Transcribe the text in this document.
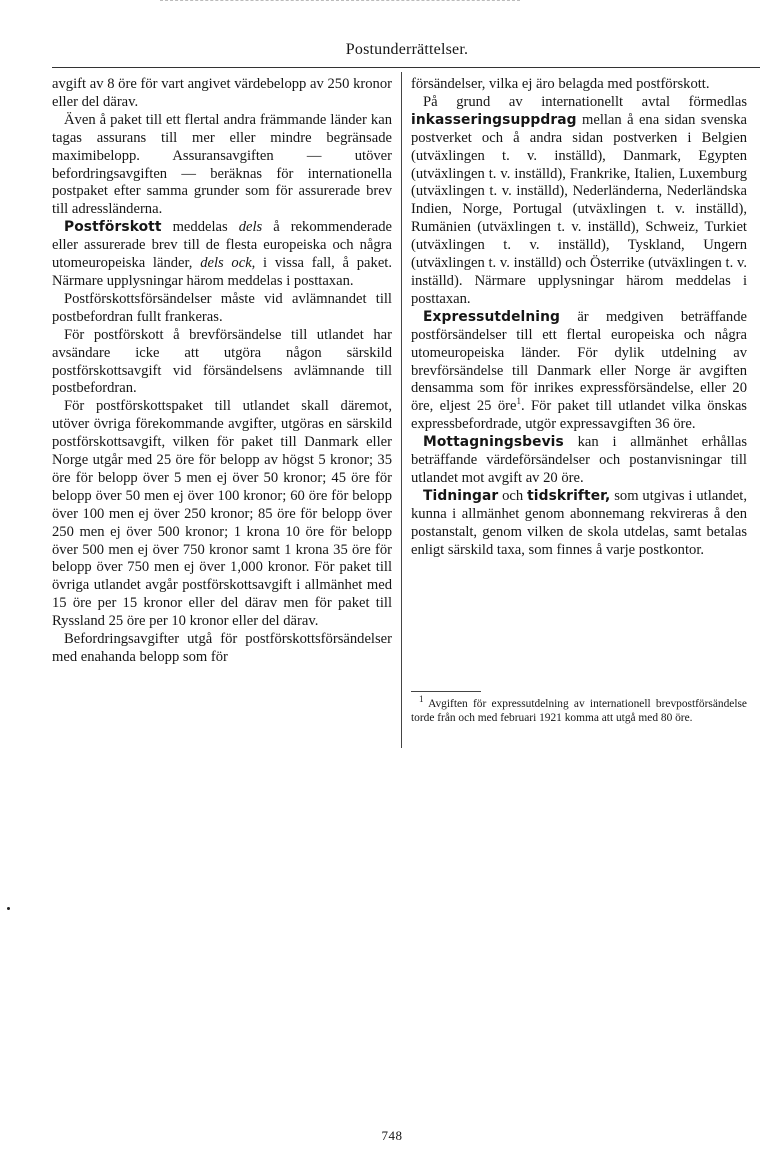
Postunderrättelser.

avgift av 8 öre för vart angivet värdebelopp av 250 kronor eller del därav.

Även å paket till ett flertal andra främmande länder kan tagas assurans till mer eller mindre begränsade maximibelopp. Assuransavgiften — utöver befordringsavgiften — beräknas för internationella postpaket efter samma grunder som för assurerade brev till adressländerna.

Postförskott meddelas dels å rekommenderade eller assurerade brev till de flesta europeiska och några utomeuropeiska länder, dels ock, i vissa fall, å paket. Närmare upplysningar härom meddelas i posttaxan.

Postförskottsförsändelser måste vid avlämnandet till postbefordran fullt frankeras.

För postförskott å brevförsändelse till utlandet har avsändare icke att utgöra någon särskild postförskottsavgift vid försändelsens avlämnande till postbefordran.

För postförskottspaket till utlandet skall däremot, utöver övriga förekommande avgifter, utgöras en särskild postförskottsavgift, vilken för paket till Danmark eller Norge utgår med 25 öre för belopp av högst 5 kronor; 35 öre för belopp över 5 men ej över 50 kronor; 45 öre för belopp över 50 men ej över 100 kronor; 60 öre för belopp över 100 men ej över 250 kronor; 85 öre för belopp över 250 men ej över 500 kronor; 1 krona 10 öre för belopp över 500 men ej över 750 kronor samt 1 krona 35 öre för belopp över 750 men ej över 1,000 kronor. För paket till övriga utlandet avgår postförskottsavgift i allmänhet med 15 öre per 15 kronor eller del därav men för paket till Ryssland 25 öre per 10 kronor eller del därav.

Befordringsavgifter utgå för postförskottsförsändelser med enahanda belopp som för

försändelser, vilka ej äro belagda med postförskott.

På grund av internationellt avtal förmedlas inkasseringsuppdrag mellan å ena sidan svenska postverket och å andra sidan postverken i Belgien (utväxlingen t. v. inställd), Danmark, Egypten (utväxlingen t. v. inställd), Frankrike, Italien, Luxemburg (utväxlingen t. v. inställd), Nederländerna, Nederländska Indien, Norge, Portugal (utväxlingen t. v. inställd), Rumänien (utväxlingen t. v. inställd), Schweiz, Turkiet (utväxlingen t. v. inställd), Tyskland, Ungern (utväxlingen t. v. inställd) och Österrike (utväxlingen t. v. inställd). Närmare upplysningar härom meddelas i posttaxan.

Expressutdelning är medgiven beträffande postförsändelser till ett flertal europeiska och några utomeuropeiska länder. För dylik utdelning av brevförsändelse till Danmark eller Norge är avgiften densamma som för inrikes expressförsändelse, eller 20 öre, eljest 25 öre$^1$. För paket till utlandet vilka önskas expressbefordrade, utgör expressavgiften 36 öre.

Mottagningsbevis kan i allmänhet erhållas beträffande värdeförsändelser och postanvisningar till utlandet mot avgift av 20 öre.

Tidningar och tidskrifter, som utgivas i utlandet, kunna i allmänhet genom abonnemang rekvireras å den postanstalt, genom vilken de skola utdelas, samt betalas enligt särskild taxa, som finnes å varje postkontor.

$^1$ Avgiften för expressutdelning av internationell brevpostförsändelse torde från och med februari 1921 komma att utgå med 80 öre.

748
